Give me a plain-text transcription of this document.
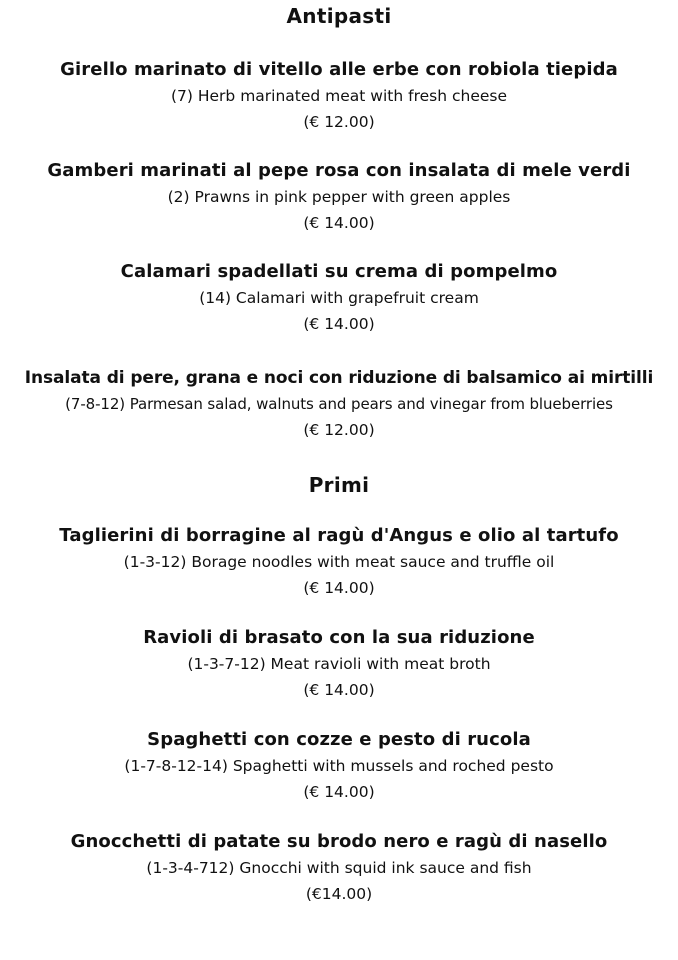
Antipasti
Girello marinato di vitello alle erbe con robiola tiepida
(7) Herb marinated meat with fresh cheese
(€ 12.00)
Gamberi marinati al pepe rosa con insalata di mele verdi
(2) Prawns in pink pepper with green apples
(€ 14.00)
Calamari spadellati su crema di pompelmo
(14) Calamari with grapefruit cream
(€ 14.00)
Insalata di pere, grana e noci con riduzione di balsamico ai mirtilli
(7-8-12) Parmesan salad, walnuts and pears and vinegar from blueberries
(€ 12.00)
Primi
Taglierini di borragine al ragù d'Angus e olio al tartufo
(1-3-12) Borage noodles with meat sauce and truffle oil
(€ 14.00)
Ravioli di brasato con la sua riduzione
(1-3-7-12) Meat ravioli with meat broth
(€ 14.00)
Spaghetti con cozze e pesto di rucola
(1-7-8-12-14) Spaghetti with mussels and roched pesto
(€ 14.00)
Gnocchetti di patate su brodo nero e ragù di nasello
(1-3-4-712) Gnocchi with squid ink sauce and fish
(€14.00)
